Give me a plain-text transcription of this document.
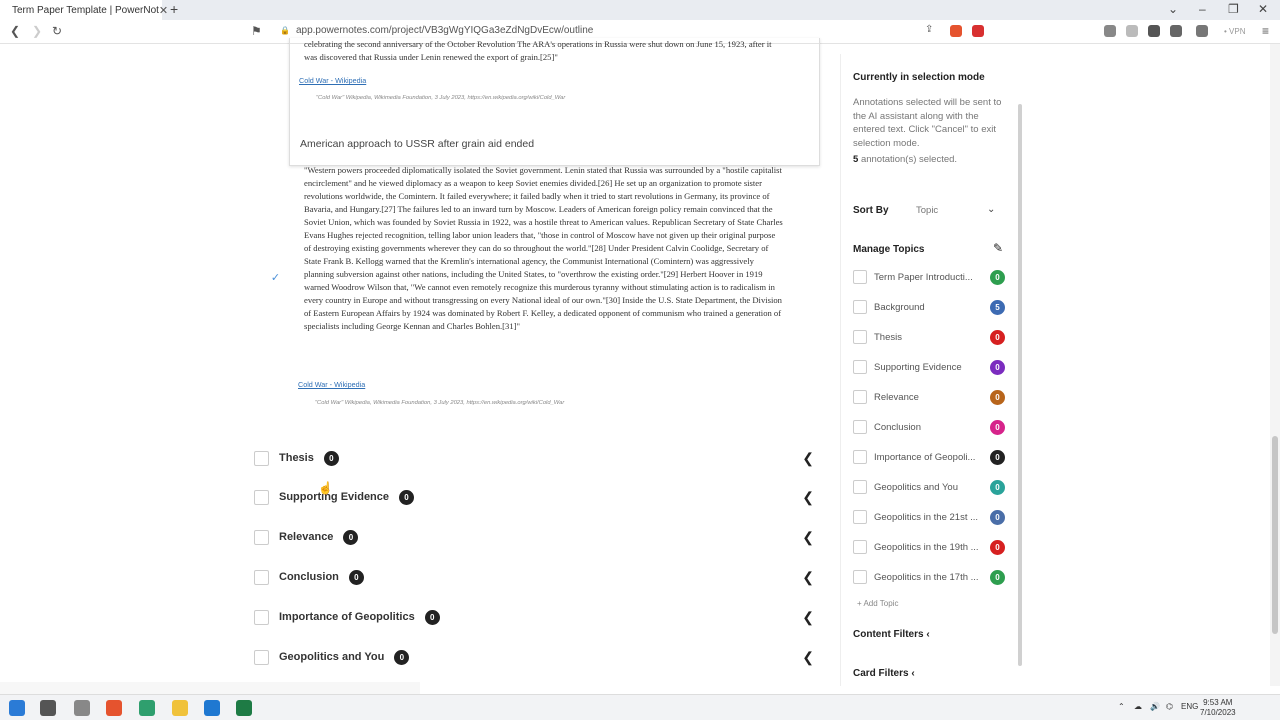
Term Paper Template | PowerNot ✕ +	⌄ – ❐ ✕
❮ ❯ ↻	⚑ 🔒 app.powernotes.com/project/VB3gWgYIQGa3eZdNgDvEcw/outline	⇪	• VPN ≡
celebrating the second anniversary of the October Revolution The ARA's operations in Russia were shut down on June 15, 1923, after it was discovered that Russia under Lenin renewed the export of grain.[25]"
Cold War - Wikipedia
"Cold War" Wikipedia, Wikimedia Foundation, 3 July 2023, https://en.wikipedia.org/wiki/Cold_War
✓
American approach to USSR after grain aid ended
"Western powers proceeded diplomatically isolated the Soviet government. Lenin stated that Russia was surrounded by a "hostile capitalist encirclement" and he viewed diplomacy as a weapon to keep Soviet enemies divided.[26] He set up an organization to promote sister revolutions worldwide, the Comintern. It failed everywhere; it failed badly when it tried to start revolutions in Germany, its province of Bavaria, and Hungary.[27] The failures led to an inward turn by Moscow. Leaders of American foreign policy remain convinced that the Soviet Union, which was founded by Soviet Russia in 1922, was a hostile threat to American values. Republican Secretary of State Charles Evans Hughes rejected recognition, telling labor union leaders that, "those in control of Moscow have not given up their original purpose of destroying existing governments wherever they can do so throughout the world."[28] Under President Calvin Coolidge, Secretary of State Frank B. Kellogg warned that the Kremlin's international agency, the Communist International (Comintern) was aggressively planning subversion against other nations, including the United States, to "overthrow the existing order."[29] Herbert Hoover in 1919 warned Woodrow Wilson that, "We cannot even remotely recognize this murderous tyranny without stimulating action is to radicalism in every country in Europe and without transgressing on every National ideal of our own."[30] Inside the U.S. State Department, the Division of Eastern European Affairs by 1924 was dominated by Robert F. Kelley, a dedicated opponent of communism who trained a generation of specialists including George Kennan and Charles Bohlen.[31]"
Cold War - Wikipedia
"Cold War" Wikipedia, Wikimedia Foundation, 3 July 2023, https://en.wikipedia.org/wiki/Cold_War
Thesis	0	❮
Supporting Evidence	0	❮
Relevance	0	❮
Conclusion	0	❮
Importance of Geopolitics	0	❮
Geopolitics and You	0	❮
☝
Currently in selection mode
Annotations selected will be sent to the AI assistant along with the entered text. Click "Cancel" to exit selection mode.
5 annotation(s) selected.
Sort By	Topic	⌄
Manage Topics	✎
Term Paper Introducti...	0
Background	5
Thesis	0
Supporting Evidence	0
Relevance	0
Conclusion	0
Importance of Geopoli...	0
Geopolitics and You	0
Geopolitics in the 21st ...	0
Geopolitics in the 19th ...	0
Geopolitics in the 17th ...	0
+ Add Topic
Content Filters ‹
Card Filters ‹
⌃ ☁ 🔊 ⌬ ENG 9:53 AM
7/10/2023
